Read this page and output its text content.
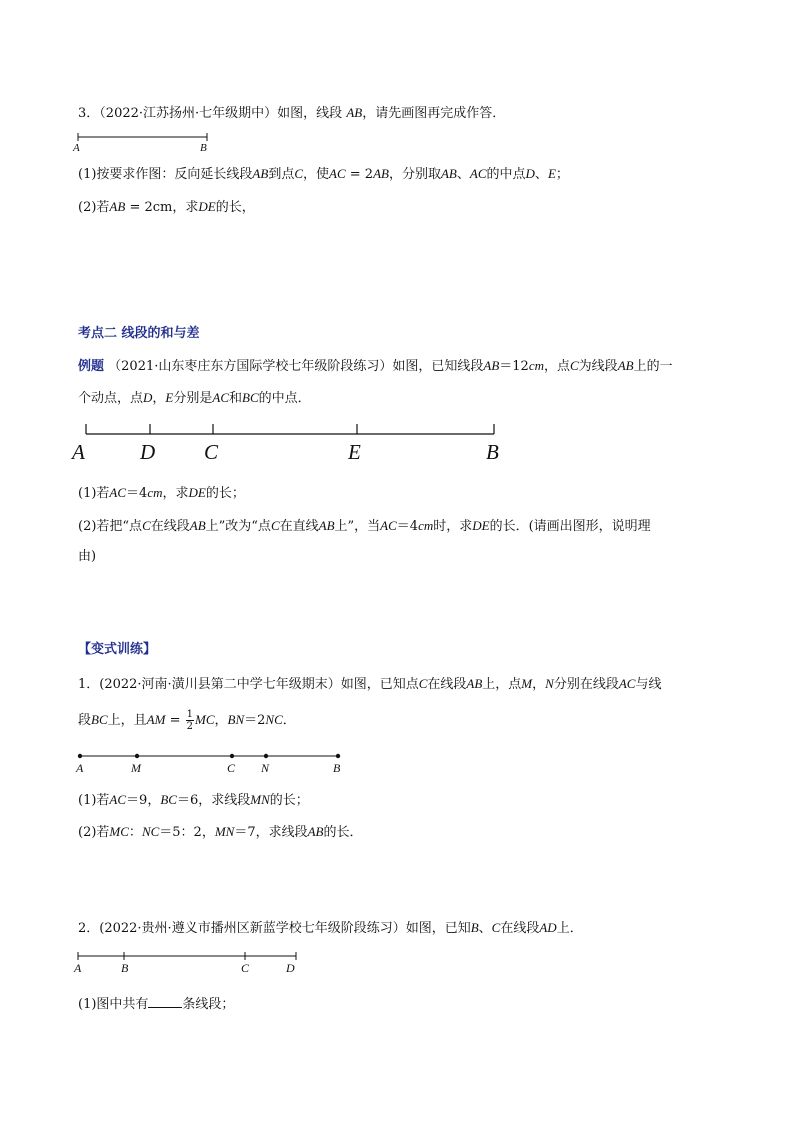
3．（2022·江苏扬州·七年级期中）如图，线段 AB，请先画图再完成作答．
A	B
(1)按要求作图：反向延长线段AB到点C，使AC = 2AB，分别取AB、AC的中点D、E；
(2)若AB = 2cm，求DE的长，
考点二 线段的和与差
例题 （2021·山东枣庄东方国际学校七年级阶段练习）如图，已知线段AB＝12cm，点C为线段AB上的一
个动点，点D，E分别是AC和BC的中点．
A	D C	E	B
(1)若AC＝4cm，求DE的长；
(2)若把“点C在线段AB上”改为“点C在直线AB上”，当AC＝4cm时，求DE的长．(请画出图形，说明理
由)
【变式训练】
1．(2022·河南·潢川县第二中学七年级期末）如图，已知点C在线段AB上，点M，N分别在线段AC与线
段BC上，且AM = $\frac{1}{2}$ MC，BN＝2NC．
A	M	C N	B
(1)若AC＝9，BC＝6，求线段MN的长；
(2)若MC：NC＝5：2，MN＝7，求线段AB的长．
2．(2022·贵州·遵义市播州区新蓝学校七年级阶段练习）如图，已知B、C在线段AD上．
A	B	C	D
(1)图中共有	条线段；
